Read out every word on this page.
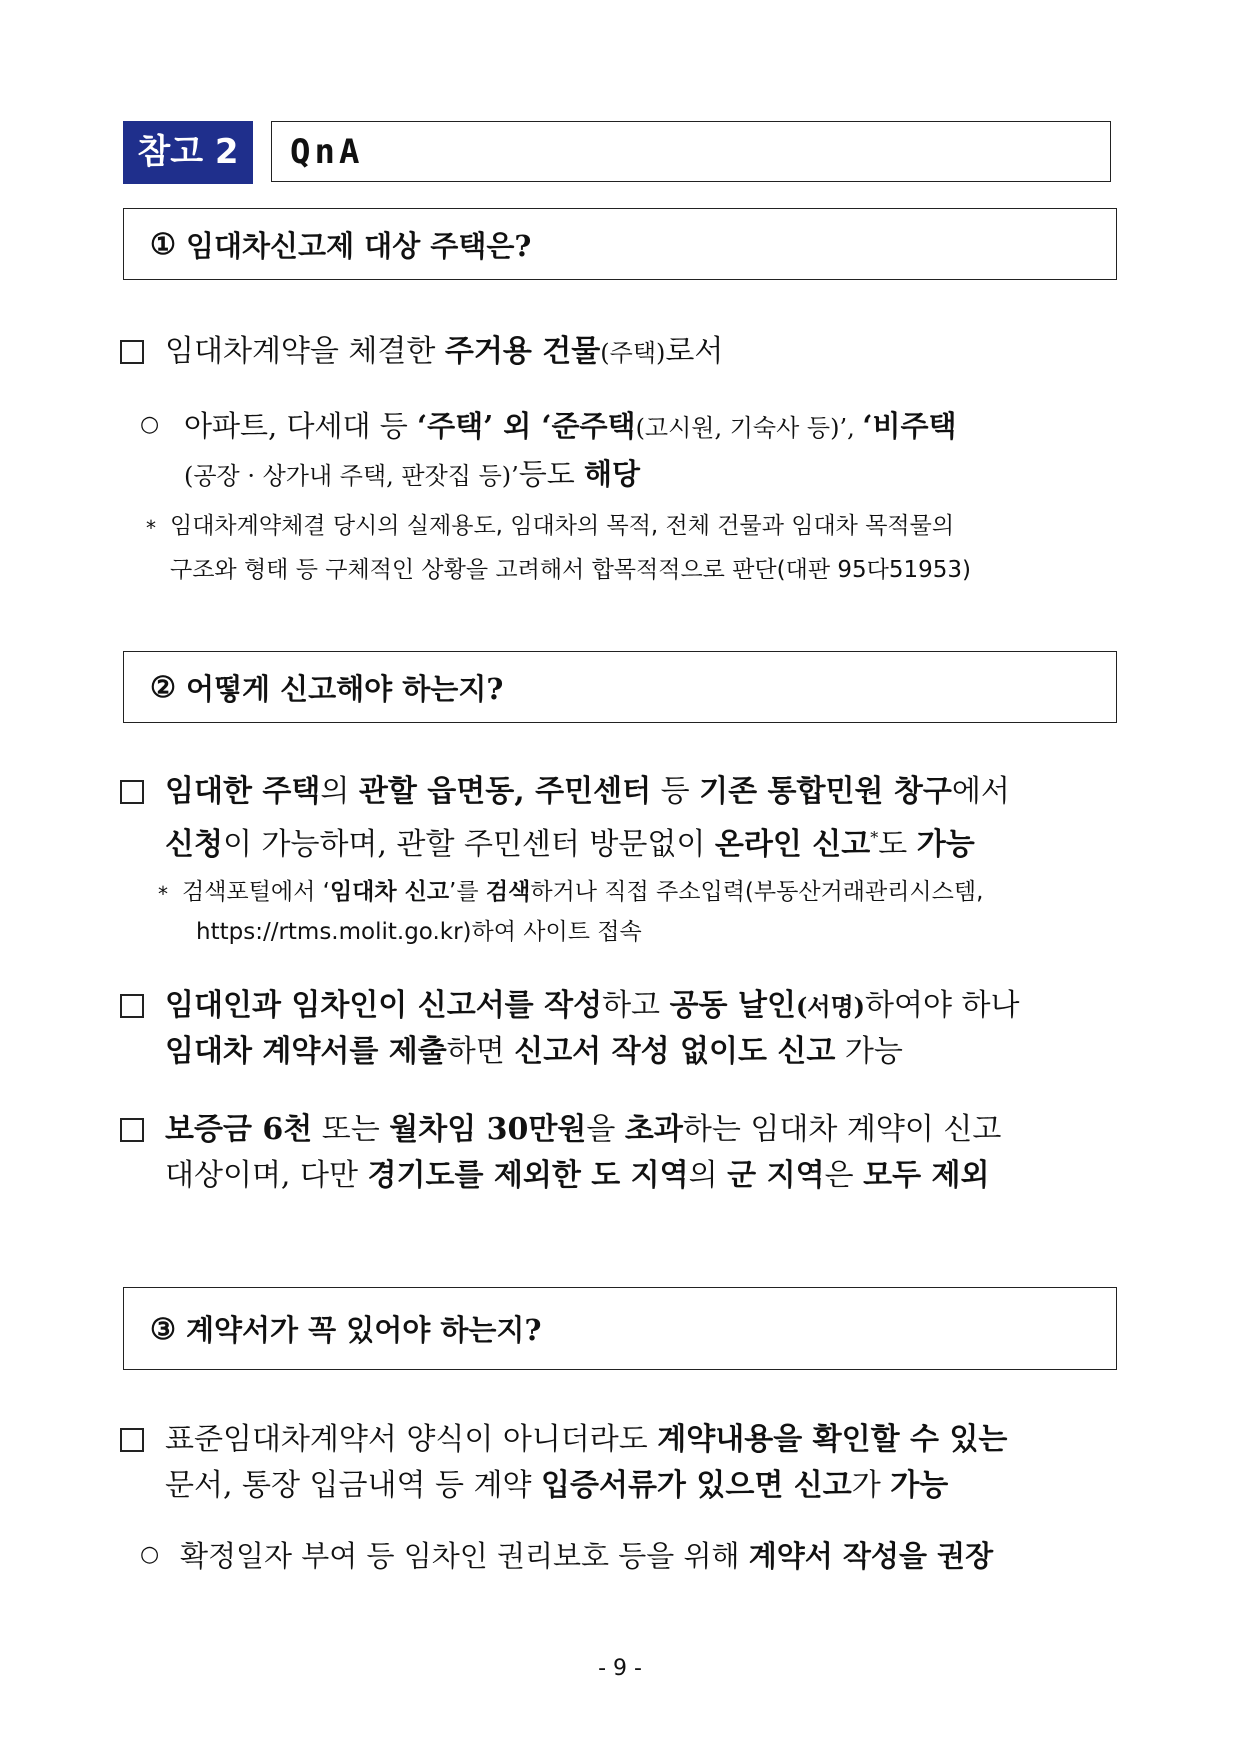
참고 2	QnA
① 임대차신고제 대상 주택은?
임대차계약을 체결한 주거용 건물(주택)로서
○ 아파트, 다세대 등 ‘주택’ 외 ‘준주택(고시원, 기숙사 등)’, ‘비주택
(공장 · 상가내 주택, 판잣집 등)’등도 해당
* 임대차계약체결 당시의 실제용도, 임대차의 목적, 전체 건물과 임대차 목적물의
구조와 형태 등 구체적인 상황을 고려해서 합목적적으로 판단(대판 95다51953)
② 어떻게 신고해야 하는지?
임대한 주택의 관할 읍면동, 주민센터 등 기존 통합민원 창구에서
신청이 가능하며, 관할 주민센터 방문없이 온라인 신고*도 가능
* 검색포털에서 ‘임대차 신고’를 검색하거나 직접 주소입력(부동산거래관리시스템,
https://rtms.molit.go.kr)하여 사이트 접속
임대인과 임차인이 신고서를 작성하고 공동 날인(서명)하여야 하나
임대차 계약서를 제출하면 신고서 작성 없이도 신고 가능
보증금 6천 또는 월차임 30만원을 초과하는 임대차 계약이 신고
대상이며, 다만 경기도를 제외한 도 지역의 군 지역은 모두 제외
③ 계약서가 꼭 있어야 하는지?
표준임대차계약서 양식이 아니더라도 계약내용을 확인할 수 있는
문서, 통장 입금내역 등 계약 입증서류가 있으면 신고가 가능
○ 확정일자 부여 등 임차인 권리보호 등을 위해 계약서 작성을 권장
- 9 -
